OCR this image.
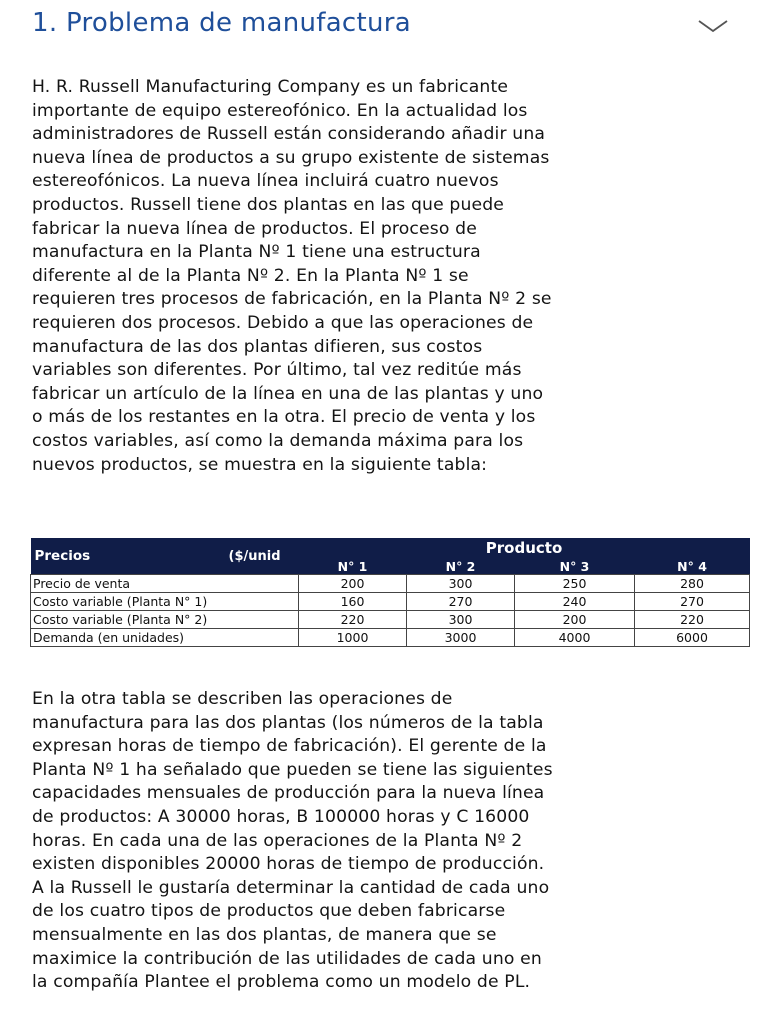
1. Problema de manufactura
H. R. Russell Manufacturing Company es un fabricante
importante de equipo estereofónico. En la actualidad los
administradores de Russell están considerando añadir una
nueva línea de productos a su grupo existente de sistemas
estereofónicos. La nueva línea incluirá cuatro nuevos
productos. Russell tiene dos plantas en las que puede
fabricar la nueva línea de productos. El proceso de
manufactura en la Planta Nº 1 tiene una estructura
diferente al de la Planta Nº 2. En la Planta Nº 1 se
requieren tres procesos de fabricación, en la Planta Nº 2 se
requieren dos procesos. Debido a que las operaciones de
manufactura de las dos plantas difieren, sus costos
variables son diferentes. Por último, tal vez reditúe más
fabricar un artículo de la línea en una de las plantas y uno
o más de los restantes en la otra. El precio de venta y los
costos variables, así como la demanda máxima para los
nuevos productos, se muestra en la siguiente tabla:
Precios	($/unid	Producto			
		N° 1	N° 2	N° 3	N° 4
Precio de venta		200	300	250	280
Costo variable (Planta N° 1)		160	270	240	270
Costo variable (Planta N° 2)		220	300	200	220
Demanda (en unidades)		1000	3000	4000	6000
En la otra tabla se describen las operaciones de
manufactura para las dos plantas (los números de la tabla
expresan horas de tiempo de fabricación). El gerente de la
Planta Nº 1 ha señalado que pueden se tiene las siguientes
capacidades mensuales de producción para la nueva línea
de productos: A 30000 horas, B 100000 horas y C 16000
horas. En cada una de las operaciones de la Planta Nº 2
existen disponibles 20000 horas de tiempo de producción.
A la Russell le gustaría determinar la cantidad de cada uno
de los cuatro tipos de productos que deben fabricarse
mensualmente en las dos plantas, de manera que se
maximice la contribución de las utilidades de cada uno en
la compañía Plantee el problema como un modelo de PL.
